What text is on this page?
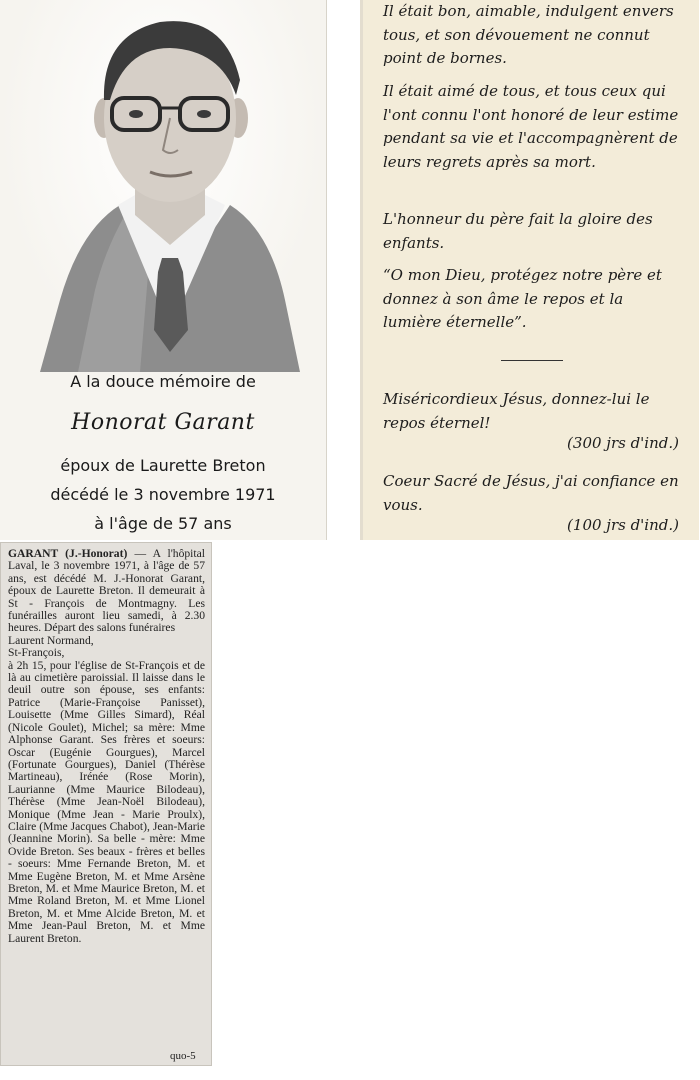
A la douce mémoire de
Honorat Garant
époux de Laurette Breton
décédé le 3 novembre 1971
à l'âge de 57 ans

Il était bon, aimable, indulgent envers tous, et son dévouement ne connut point de bornes.

Il était aimé de tous, et tous ceux qui l'ont connu l'ont honoré de leur estime pendant sa vie et l'accompagnèrent de leurs regrets après sa mort.

L'honneur du père fait la gloire des enfants.

“O mon Dieu, protégez notre père et donnez à son âme le repos et la lumière éternelle”.

Miséricordieux Jésus, donnez-lui le repos éternel!

(300 jrs d'ind.)

Coeur Sacré de Jésus, j'ai confiance en vous.

(100 jrs d'ind.)
GARANT (J.-Honorat) — A l'hôpital Laval, le 3 novembre 1971, à l'âge de 57 ans, est décédé M. J.-Honorat Garant, époux de Laurette Breton. Il demeurait à St - François de Montmagny. Les funérailles auront lieu samedi, à 2.30 heures. Départ des salons funéraires
Laurent Normand,
St-François,
à 2h 15, pour l'église de St-François et de là au cimetière paroissial. Il laisse dans le deuil outre son épouse, ses enfants: Patrice (Marie-Françoise Panisset), Louisette (Mme Gilles Simard), Réal (Nicole Goulet), Michel; sa mère: Mme Alphonse Garant. Ses frères et soeurs: Oscar (Eugénie Gourgues), Marcel (Fortunate Gourgues), Daniel (Thérèse Martineau), Irénée (Rose Morin), Laurianne (Mme Maurice Bilodeau), Thérèse (Mme Jean-Noël Bilodeau), Monique (Mme Jean - Marie Proulx), Claire (Mme Jacques Chabot), Jean-Marie (Jeannine Morin). Sa belle - mère: Mme Ovide Breton. Ses beaux - frères et belles - soeurs: Mme Fernande Breton, M. et Mme Eugène Breton, M. et Mme Arsène Breton, M. et Mme Maurice Breton, M. et Mme Roland Breton, M. et Mme Lionel Breton, M. et Mme Alcide Breton, M. et Mme Jean-Paul Breton, M. et Mme Laurent Breton.
quo-5
